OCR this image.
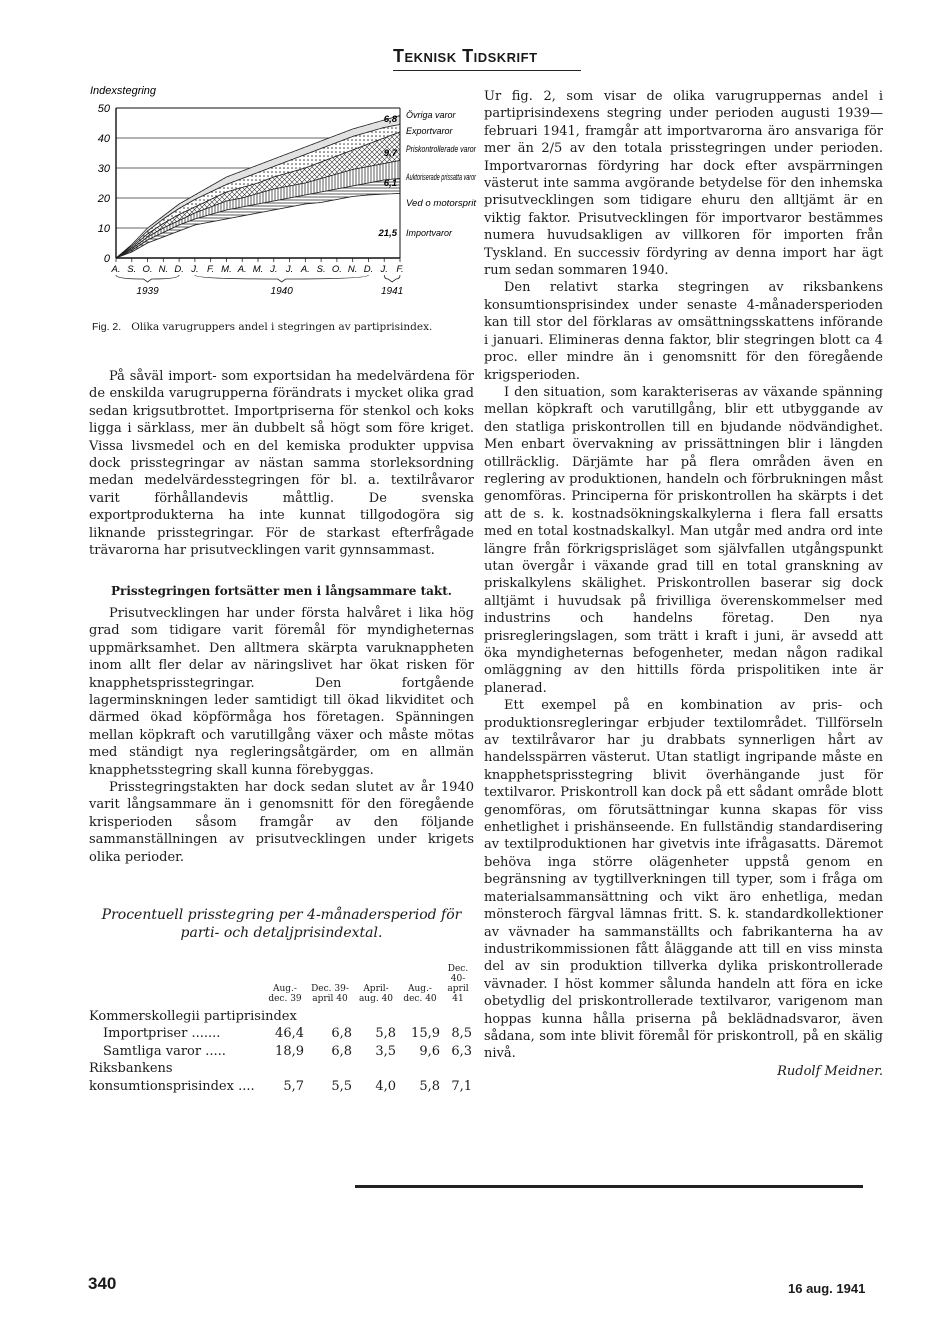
Teknisk Tidskrift
Indexstegring
0
10
20
30
40
50
A. S. O. N. D. J. F. M. A. M. J. J. A. S. O. N. D. J. F.
1939	1940	1941
Övriga varor
Exportvaror
Priskontrollerade varor
Auktoriserade prissatta varor
Ved o motorsprit
Importvaror
6,8
9,7
6,1
21,5
Fig. 2. Olika varugruppers andel i stegringen av partiprisindex.

På såväl import- som exportsidan ha medelvärdena för de enskilda varugrupperna förändrats i mycket olika grad sedan krigsutbrottet. Importpriserna för stenkol och koks ligga i särklass, mer än dubbelt så högt som före kriget. Vissa livsmedel och en del kemiska produkter uppvisa dock prisstegringar av nästan samma storleksordning medan medelvärdesstegringen för bl. a. textilråvaror varit förhållandevis måttlig. De svenska exportprodukterna ha inte kunnat tillgodogöra sig liknande prisstegringar. För de starkast efterfrågade trävarorna har prisutvecklingen varit gynnsammast.

Prisstegringen fortsätter men i långsammare takt.

Prisutvecklingen har under första halvåret i lika hög grad som tidigare varit föremål för myndigheternas uppmärksamhet. Den alltmera skärpta varuknappheten inom allt fler delar av näringslivet har ökat risken för knapphetsprisstegringar. Den fortgående lagerminskningen leder samtidigt till ökad likviditet och därmed ökad köpförmåga hos företagen. Spänningen mellan köpkraft och varutillgång växer och måste mötas med ständigt nya regleringsåtgärder, om en allmän knapphetsstegring skall kunna förebyggas.

Prisstegringstakten har dock sedan slutet av år 1940 varit långsammare än i genomsnitt för den föregående krisperioden såsom framgår av den följande sammanställningen av prisutvecklingen under krigets olika perioder.

Procentuell prisstegring per 4-månadersperiod för parti- och detaljprisindextal.

	Aug.-dec. 39	Dec. 39-april 40	April-aug. 40	Aug.-dec. 40	Dec. 40-april 41
Kommerskollegii partiprisindex					
Importpriser .......	46,4	6,8	5,8	15,9	8,5
Samtliga varor .....	18,9	6,8	3,5	9,6	6,3
Riksbankens konsumtionsprisindex ....	5,7	5,5	4,0	5,8	7,1

Ur fig. 2, som visar de olika varugruppernas andel i partiprisindexens stegring under perioden augusti 1939—februari 1941, framgår att importvarorna äro ansvariga för mer än 2/5 av den totala prisstegringen under perioden. Importvarornas fördyring har dock efter avspärrningen västerut inte samma avgörande betydelse för den inhemska prisutvecklingen som tidigare ehuru den alltjämt är en viktig faktor. Prisutvecklingen för importvaror bestämmes numera huvudsakligen av villkoren för importen från Tyskland. En successiv fördyring av denna import har ägt rum sedan sommaren 1940.

Den relativt starka stegringen av riksbankens konsumtionsprisindex under senaste 4-månadersperioden kan till stor del förklaras av omsättningsskattens införande i januari. Elimineras denna faktor, blir stegringen blott ca 4 proc. eller mindre än i genomsnitt för den föregående krigsperioden.

I den situation, som karakteriseras av växande spänning mellan köpkraft och varutillgång, blir ett utbyggande av den statliga priskontrollen till en bjudande nödvändighet. Men enbart övervakning av prissättningen blir i längden otillräcklig. Därjämte har på flera områden även en reglering av produktionen, handeln och förbrukningen måst genomföras. Principerna för priskontrollen ha skärpts i det att de s. k. kostnadsökningskalkylerna i flera fall ersatts med en total kostnadskalkyl. Man utgår med andra ord inte längre från förkrigsprisläget som självfallen utgångspunkt utan övergår i växande grad till en total granskning av priskalkylens skälighet. Priskontrollen baserar sig dock alltjämt i huvudsak på frivilliga överenskommelser med industrins och handelns företag. Den nya prisregleringslagen, som trätt i kraft i juni, är avsedd att öka myndigheternas befogenheter, medan någon radikal omläggning av den hittills förda prispolitiken inte är planerad.

Ett exempel på en kombination av pris- och produktionsregleringar erbjuder textilområdet. Tillförseln av textilråvaror har ju drabbats synnerligen hårt av handelsspärren västerut. Utan statligt ingripande måste en knapphetsprisstegring blivit överhängande just för textilvaror. Priskontroll kan dock på ett sådant område blott genomföras, om förutsättningar kunna skapas för viss enhetlighet i prishänseende. En fullständig standardisering av textilproduktionen har givetvis inte ifrågasatts. Däremot behöva inga större olägenheter uppstå genom en begränsning av tygtillverkningen till typer, som i fråga om materialsammansättning och vikt äro enhetliga, medan mönsteroch färgval lämnas fritt. S. k. standardkollektioner av vävnader ha sammanställts och fabrikanterna ha av industrikommissionen fått åläggande att till en viss minsta del av sin produktion tillverka dylika priskontrollerade vävnader. I höst kommer sålunda handeln att föra en icke obetydlig del priskontrollerade textilvaror, varigenom man hoppas kunna hålla priserna på beklädnadsvaror, även sådana, som inte blivit föremål för priskontroll, på en skälig nivå.

Rudolf Meidner.

340	16 aug. 1941
